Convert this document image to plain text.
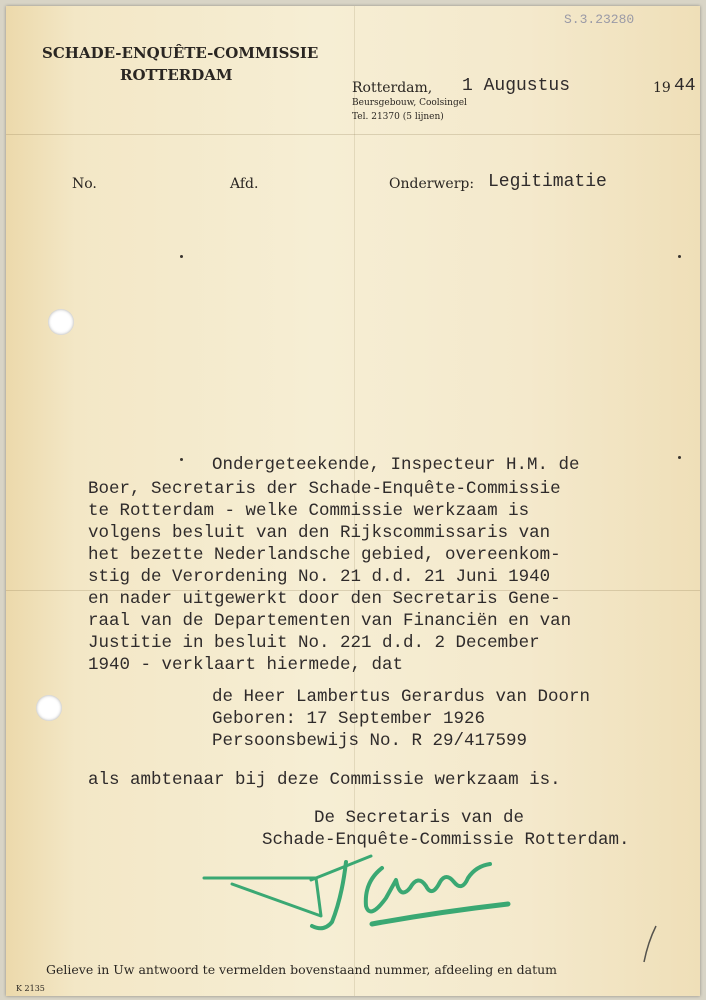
S.3.23280
SCHADE-ENQUÊTE-COMMISSIE
ROTTERDAM
Rotterdam, 1 Augustus	19 44
Beursgebouw, Coolsingel
Tel. 21370 (5 lijnen)
No.	Afd.	Onderwerp: Legitimatie
Ondergeteekende, Inspecteur H.M. de
Boer, Secretaris der Schade-Enquête-Commissie
te Rotterdam - welke Commissie werkzaam is
volgens besluit van den Rijkscommissaris van
het bezette Nederlandsche gebied, overeenkom-
stig de Verordening No. 21 d.d. 21 Juni 1940
en nader uitgewerkt door den Secretaris Gene-
raal van de Departementen van Financiën en van
Justitie in besluit No. 221 d.d. 2 December
1940 - verklaart hiermede, dat
de Heer Lambertus Gerardus van Doorn
Geboren: 17 September 1926
Persoonsbewijs No. R 29/417599
als ambtenaar bij deze Commissie werkzaam is.
De Secretaris van de
Schade-Enquête-Commissie Rotterdam.
Gelieve in Uw antwoord te vermelden bovenstaand nummer, afdeeling en datum
K 2135
